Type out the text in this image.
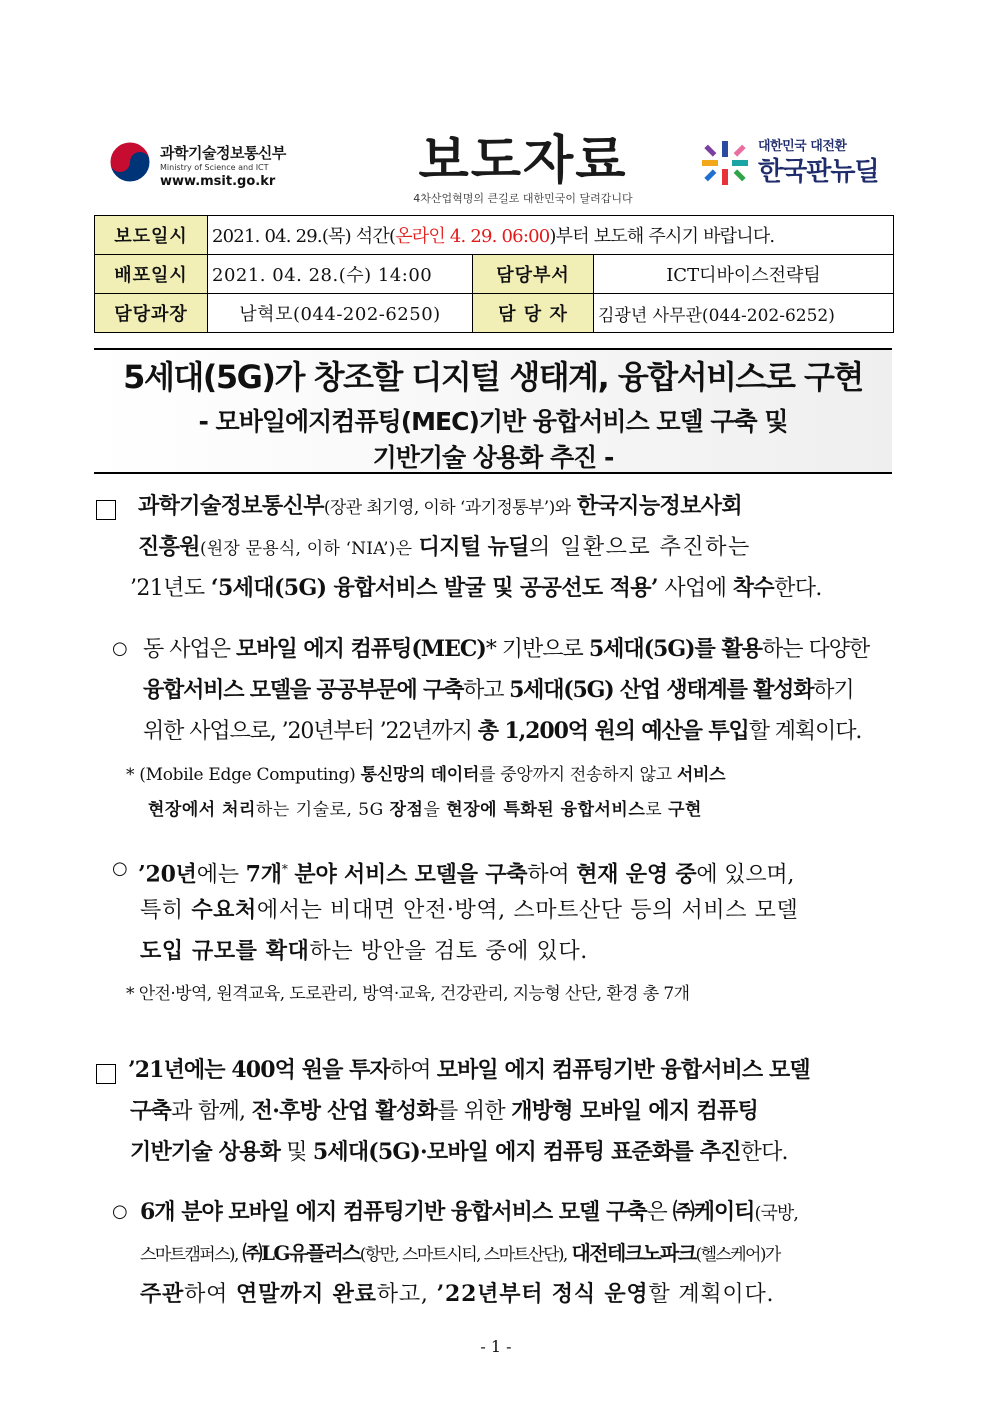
과학기술정보통신부
Ministry of Science and ICT
www.msit.go.kr	보도자료
4차산업혁명의 큰길로 대한민국이 달려갑니다
대한민국 대전환
한국판뉴딜
보도일시	2021. 04. 29.(목) 석간(온라인 4. 29. 06:00)부터 보도해 주시기 바랍니다.		
배포일시	2021. 04. 28.(수) 14:00	담당부서	ICT디바이스전략팀
담당과장	남혁모(044-202-6250)	담 당 자	김광년 사무관(044-202-6252)
5세대(5G)가 창조할 디지털 생태계, 융합서비스로 구현
- 모바일에지컴퓨팅(MEC)기반 융합서비스 모델 구축 및
기반기술 상용화 추진 -
과학기술정보통신부(장관 최기영, 이하 ‘과기정통부’)와 한국지능정보사회
진흥원(원장 문용식, 이하 ‘NIA’)은 디지털 뉴딜의 일환으로 추진하는
’21년도 ‘5세대(5G) 융합서비스 발굴 및 공공선도 적용’ 사업에 착수한다.
○ 동 사업은 모바일 에지 컴퓨팅(MEC)* 기반으로 5세대(5G)를 활용하는 다양한
융합서비스 모델을 공공부문에 구축하고 5세대(5G) 산업 생태계를 활성화하기
위한 사업으로, ’20년부터 ’22년까지 총 1,200억 원의 예산을 투입할 계획이다.
* (Mobile Edge Computing) 통신망의 데이터를 중앙까지 전송하지 않고 서비스
현장에서 처리하는 기술로, 5G 장점을 현장에 특화된 융합서비스로 구현
○ ’20년에는 7개* 분야 서비스 모델을 구축하여 현재 운영 중에 있으며,
특히 수요처에서는 비대면 안전·방역, 스마트산단 등의 서비스 모델
도입 규모를 확대하는 방안을 검토 중에 있다.
* 안전·방역, 원격교육, 도로관리, 방역·교육, 건강관리, 지능형 산단, 환경 총 7개
’21년에는 400억 원을 투자하여 모바일 에지 컴퓨팅기반 융합서비스 모델
구축과 함께, 전·후방 산업 활성화를 위한 개방형 모바일 에지 컴퓨팅
기반기술 상용화 및 5세대(5G)·모바일 에지 컴퓨팅 표준화를 추진한다.
○ 6개 분야 모바일 에지 컴퓨팅기반 융합서비스 모델 구축은 ㈜케이티(국방,
스마트캠퍼스), ㈜LG유플러스(항만, 스마트시티, 스마트산단), 대전테크노파크(헬스케어)가
주관하여 연말까지 완료하고, ’22년부터 정식 운영할 계획이다.
- 1 -
